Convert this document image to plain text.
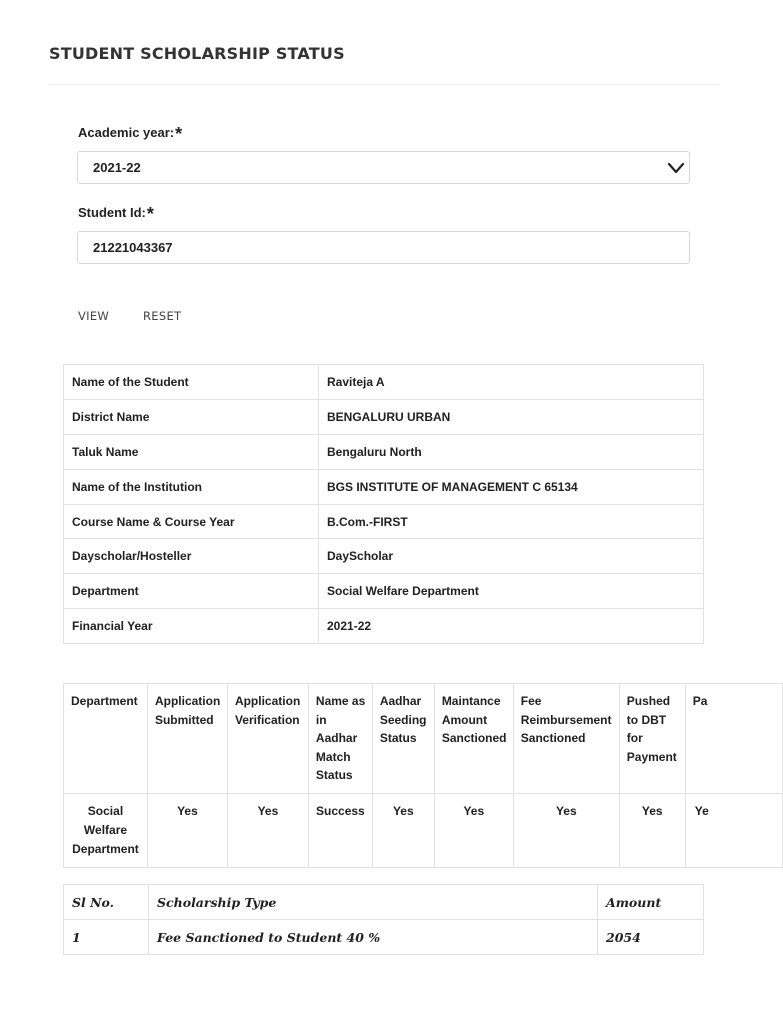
STUDENT SCHOLARSHIP STATUS
Academic year:*
2021-22
Student Id:*
21221043367
VIEW	RESET
Name of the Student	Raviteja A
District Name	BENGALURU URBAN
Taluk Name	Bengaluru North
Name of the Institution	BGS INSTITUTE OF MANAGEMENT C 65134
Course Name & Course Year	B.Com.-FIRST
Dayscholar/Hosteller	DayScholar
Department	Social Welfare Department
Financial Year	2021-22
Department	Application Submitted	Application Verification	Name as in Aadhar Match Status	Aadhar Seeding Status	Maintance Amount Sanctioned	Fee Reimbursement Sanctioned	Pushed to DBT for Payment	Pa
Social Welfare Department	Yes	Yes	Success	Yes	Yes	Yes	Yes	Ye
Sl No.	Scholarship Type	Amount
1	Fee Sanctioned to Student 40 %	2054
